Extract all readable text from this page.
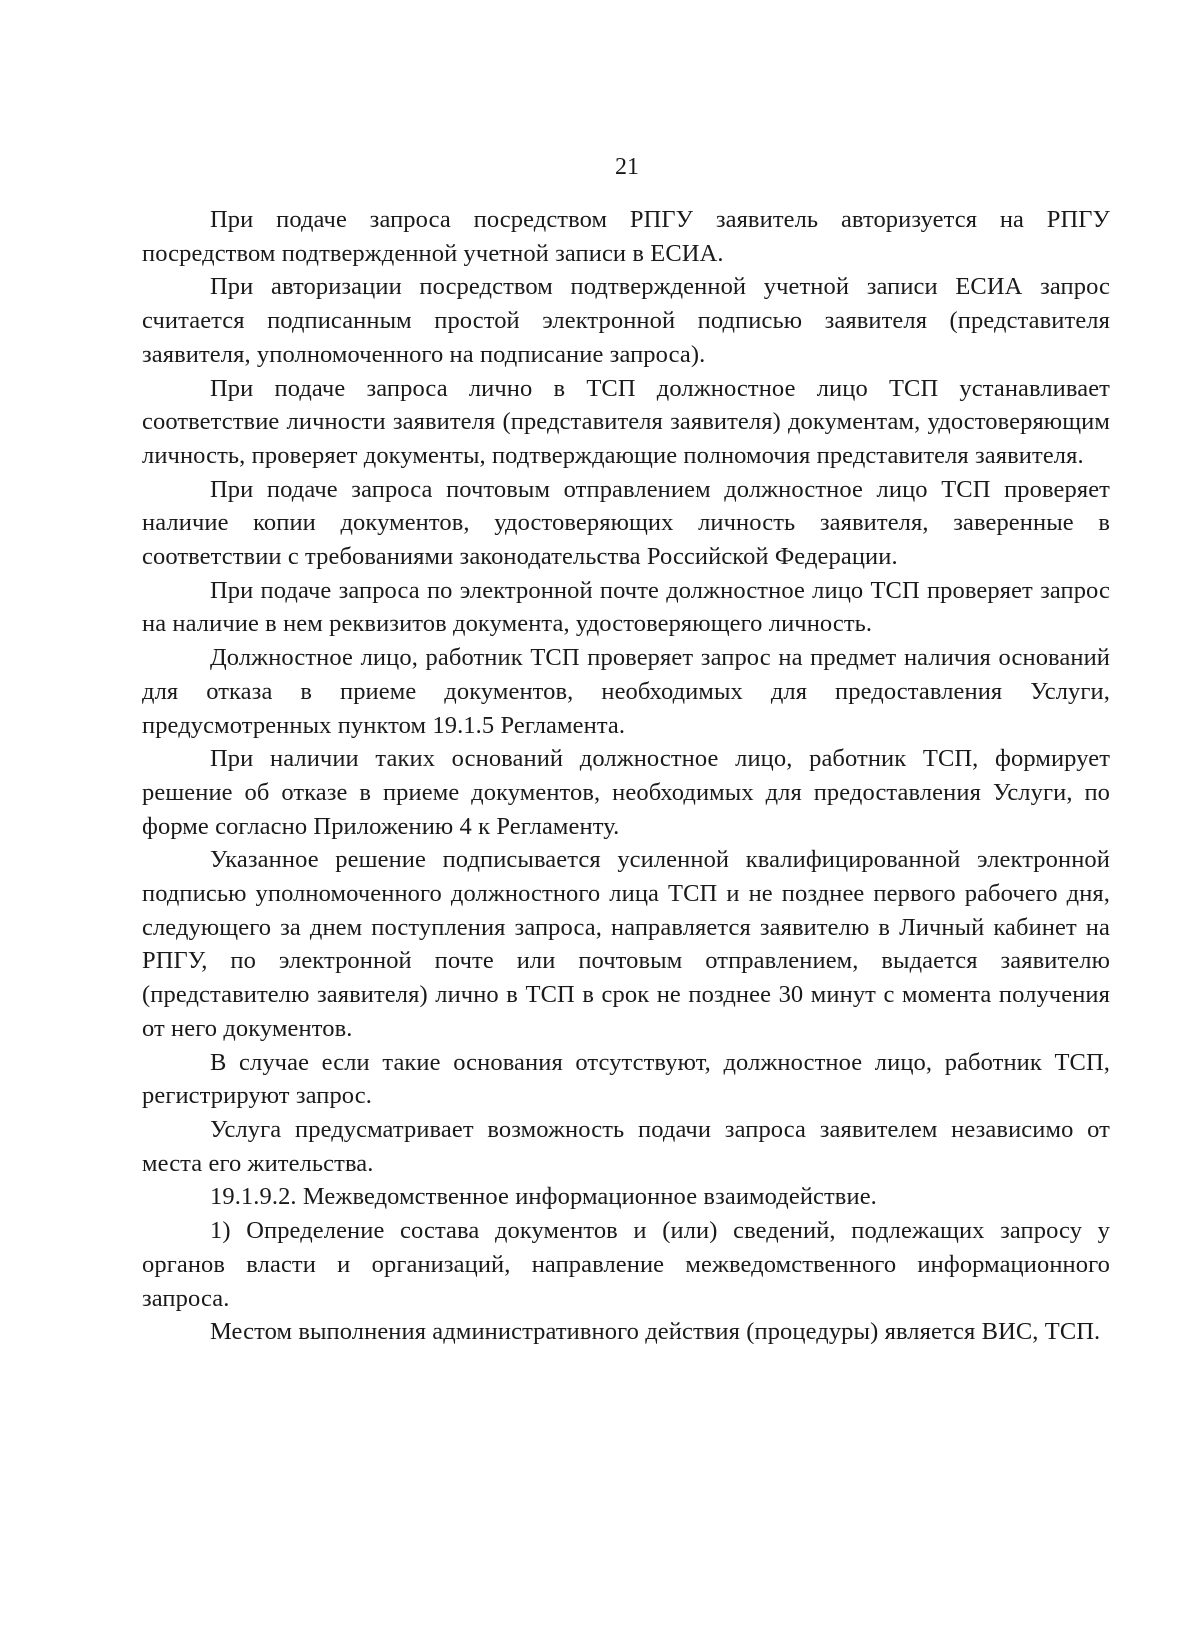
21

При подаче запроса посредством РПГУ заявитель авторизуется на РПГУ посредством подтвержденной учетной записи в ЕСИА.

При авторизации посредством подтвержденной учетной записи ЕСИА запрос считается подписанным простой электронной подписью заявителя (представителя заявителя, уполномоченного на подписание запроса).

При подаче запроса лично в ТСП должностное лицо ТСП устанавливает соответствие личности заявителя (представителя заявителя) документам, удостоверяющим личность, проверяет документы, подтверждающие полномочия представителя заявителя.

При подаче запроса почтовым отправлением должностное лицо ТСП проверяет наличие копии документов, удостоверяющих личность заявителя, заверенные в соответствии с требованиями законодательства Российской Федерации.

При подаче запроса по электронной почте должностное лицо ТСП проверяет запрос на наличие в нем реквизитов документа, удостоверяющего личность.

Должностное лицо, работник ТСП проверяет запрос на предмет наличия оснований для отказа в приеме документов, необходимых для предоставления Услуги, предусмотренных пунктом 19.1.5 Регламента.

При наличии таких оснований должностное лицо, работник ТСП, формирует решение об отказе в приеме документов, необходимых для предоставления Услуги, по форме согласно Приложению 4 к Регламенту.

Указанное решение подписывается усиленной квалифицированной электронной подписью уполномоченного должностного лица ТСП и не позднее первого рабочего дня, следующего за днем поступления запроса, направляется заявителю в Личный кабинет на РПГУ, по электронной почте или почтовым отправлением, выдается заявителю (представителю заявителя) лично в ТСП в срок не позднее 30 минут с момента получения от него документов.

В случае если такие основания отсутствуют, должностное лицо, работник ТСП, регистрируют запрос.

Услуга предусматривает возможность подачи запроса заявителем независимо от места его жительства.

19.1.9.2. Межведомственное информационное взаимодействие.

1) Определение состава документов и (или) сведений, подлежащих запросу у органов власти и организаций, направление межведомственного информационного запроса.

Местом выполнения административного действия (процедуры) является ВИС, ТСП.
